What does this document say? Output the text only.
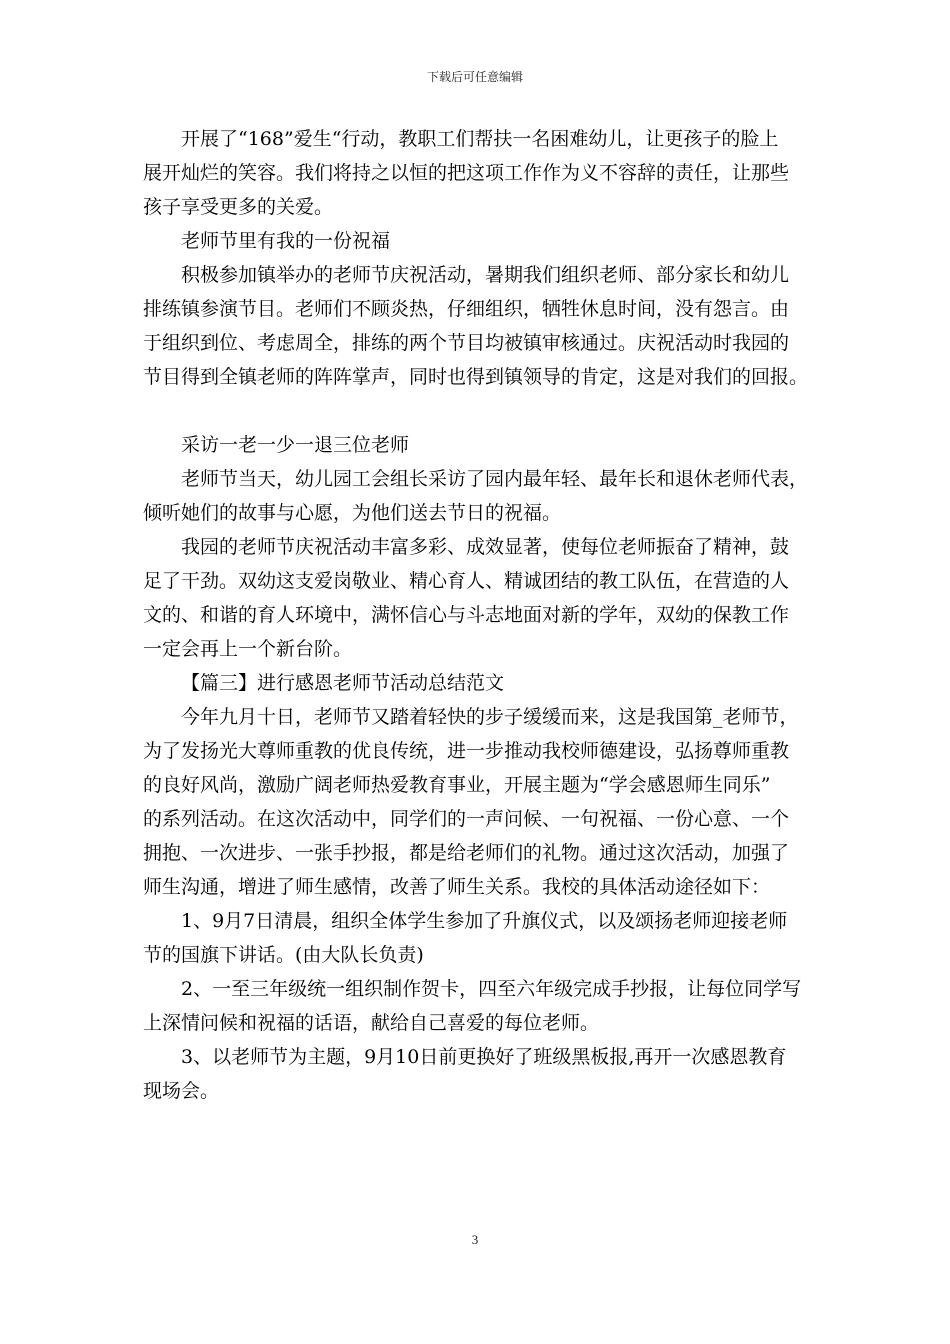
下载后可任意编辑
开展了“168”爱生“行动，教职工们帮扶一名困难幼儿，让更孩子的脸上
展开灿烂的笑容。我们将持之以恒的把这项工作作为义不容辞的责任，让那些
孩子享受更多的关爱。
老师节里有我的一份祝福
积极参加镇举办的老师节庆祝活动，暑期我们组织老师、部分家长和幼儿
排练镇参演节目。老师们不顾炎热，仔细组织，牺牲休息时间，没有怨言。由
于组织到位、考虑周全，排练的两个节目均被镇审核通过。庆祝活动时我园的
节目得到全镇老师的阵阵掌声，同时也得到镇领导的肯定，这是对我们的回报。
采访一老一少一退三位老师
老师节当天，幼儿园工会组长采访了园内最年轻、最年长和退休老师代表，
倾听她们的故事与心愿，为他们送去节日的祝福。
我园的老师节庆祝活动丰富多彩、成效显著，使每位老师振奋了精神，鼓
足了干劲。双幼这支爱岗敬业、精心育人、精诚团结的教工队伍，在营造的人
文的、和谐的育人环境中，满怀信心与斗志地面对新的学年，双幼的保教工作
一定会再上一个新台阶。
【篇三】进行感恩老师节活动总结范文
今年九月十日，老师节又踏着轻快的步子缓缓而来，这是我国第_老师节，
为了发扬光大尊师重教的优良传统，进一步推动我校师德建设，弘扬尊师重教
的良好风尚，激励广阔老师热爱教育事业，开展主题为“学会感恩师生同乐”
的系列活动。在这次活动中，同学们的一声问候、一句祝福、一份心意、一个
拥抱、一次进步、一张手抄报，都是给老师们的礼物。通过这次活动，加强了
师生沟通，增进了师生感情，改善了师生关系。我校的具体活动途径如下：
1、9月7日清晨，组织全体学生参加了升旗仪式，以及颂扬老师迎接老师
节的国旗下讲话。(由大队长负责)
2、一至三年级统一组织制作贺卡，四至六年级完成手抄报，让每位同学写
上深情问候和祝福的话语，献给自己喜爱的每位老师。
3、以老师节为主题，9月10日前更换好了班级黑板报,再开一次感恩教育
现场会。
3
